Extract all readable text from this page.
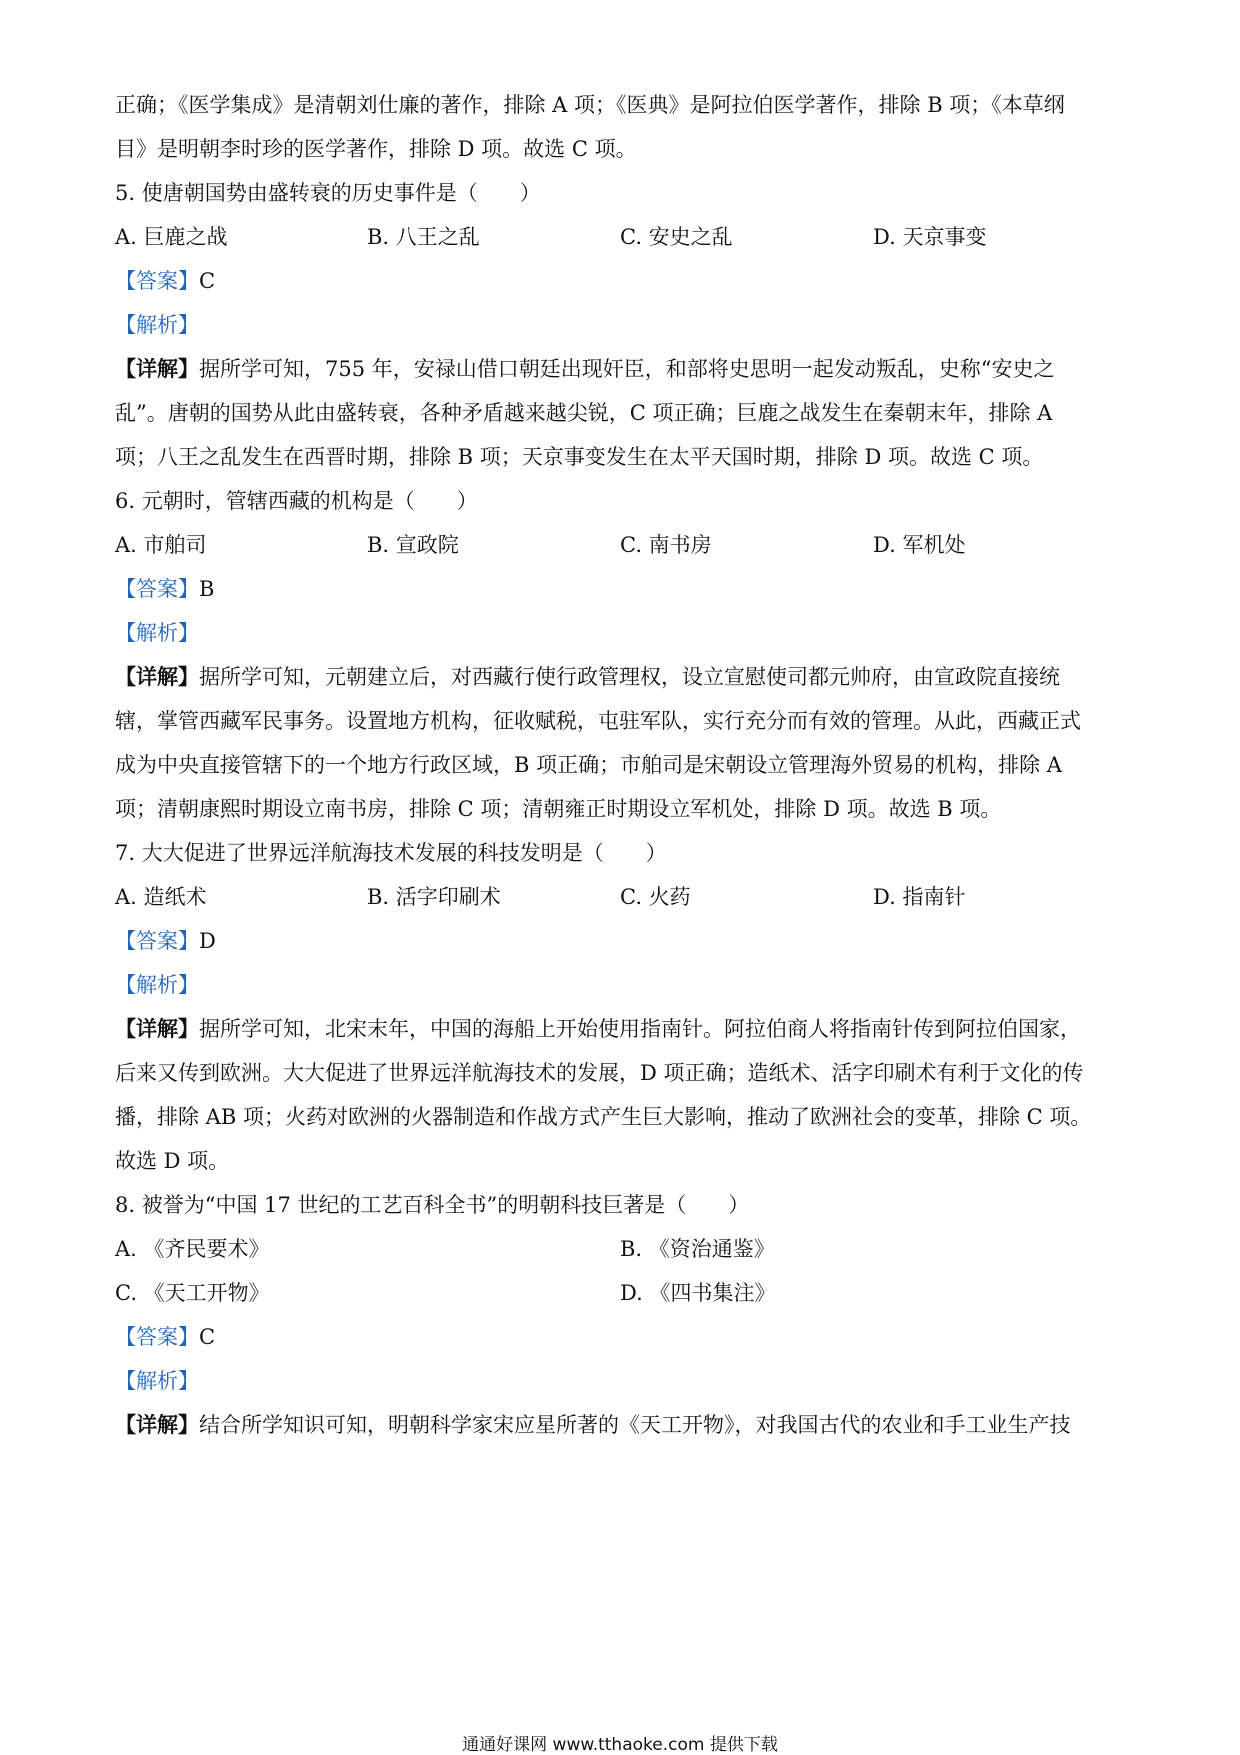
正确；《医学集成》是清朝刘仕廉的著作，排除 A 项；《医典》是阿拉伯医学著作，排除 B 项；《本草纲
目》是明朝李时珍的医学著作，排除 D 项。故选 C 项。
5. 使唐朝国势由盛转衰的历史事件是（　　）
A. 巨鹿之战	B. 八王之乱	C. 安史之乱	D. 天京事变
【答案】C
【解析】
【详解】据所学可知，755 年，安禄山借口朝廷出现奸臣，和部将史思明一起发动叛乱，史称“安史之
乱”。唐朝的国势从此由盛转衰，各种矛盾越来越尖锐，C 项正确；巨鹿之战发生在秦朝末年，排除 A
项；八王之乱发生在西晋时期，排除 B 项；天京事变发生在太平天国时期，排除 D 项。故选 C 项。
6. 元朝时，管辖西藏的机构是（　　）
A. 市舶司	B. 宣政院	C. 南书房	D. 军机处
【答案】B
【解析】
【详解】据所学可知，元朝建立后，对西藏行使行政管理权，设立宣慰使司都元帅府，由宣政院直接统
辖，掌管西藏军民事务。设置地方机构，征收赋税，屯驻军队，实行充分而有效的管理。从此，西藏正式
成为中央直接管辖下的一个地方行政区域，B 项正确；市舶司是宋朝设立管理海外贸易的机构，排除 A
项；清朝康熙时期设立南书房，排除 C 项；清朝雍正时期设立军机处，排除 D 项。故选 B 项。
7. 大大促进了世界远洋航海技术发展的科技发明是（　　）
A. 造纸术	B. 活字印刷术	C. 火药	D. 指南针
【答案】D
【解析】
【详解】据所学可知，北宋末年，中国的海船上开始使用指南针。阿拉伯商人将指南针传到阿拉伯国家，
后来又传到欧洲。大大促进了世界远洋航海技术的发展，D 项正确；造纸术、活字印刷术有利于文化的传
播，排除 AB 项；火药对欧洲的火器制造和作战方式产生巨大影响，推动了欧洲社会的变革，排除 C 项。
故选 D 项。
8. 被誉为“中国 17 世纪的工艺百科全书”的明朝科技巨著是（　　）
A. 《齐民要术》	B. 《资治通鉴》
C. 《天工开物》	D. 《四书集注》
【答案】C
【解析】
【详解】结合所学知识可知，明朝科学家宋应星所著的《天工开物》，对我国古代的农业和手工业生产技
通通好课网 www.tthaoke.com 提供下载
